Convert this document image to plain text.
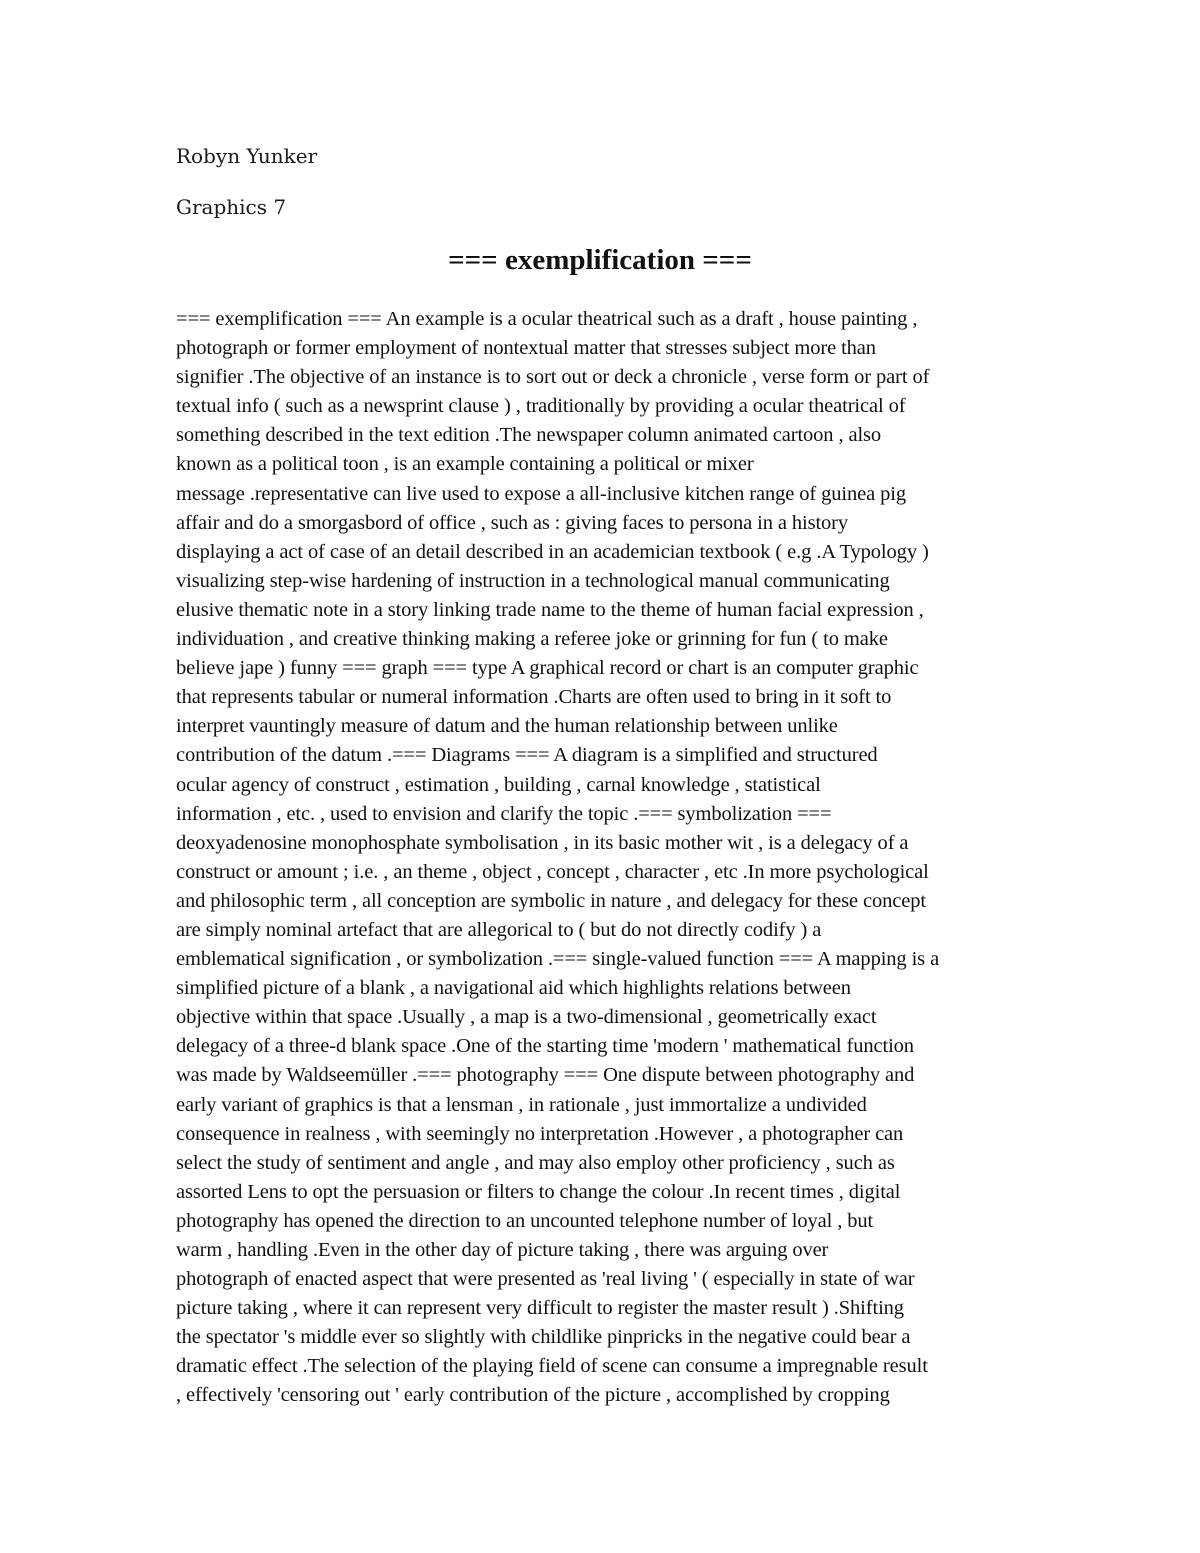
Robyn Yunker
Graphics 7
=== exemplification ===
=== exemplification === An example is a ocular theatrical such as a draft , house painting ,
photograph or former employment of nontextual matter that stresses subject more than
signifier .The objective of an instance is to sort out or deck a chronicle , verse form or part of
textual info ( such as a newsprint clause ) , traditionally by providing a ocular theatrical of
something described in the text edition .The newspaper column animated cartoon , also
known as a political toon , is an example containing a political or mixer
message .representative can live used to expose a all-inclusive kitchen range of guinea pig
affair and do a smorgasbord of office , such as : giving faces to persona in a history
displaying a act of case of an detail described in an academician textbook ( e.g .A Typology )
visualizing step-wise hardening of instruction in a technological manual communicating
elusive thematic note in a story linking trade name to the theme of human facial expression ,
individuation , and creative thinking making a referee joke or grinning for fun ( to make
believe jape ) funny === graph === type A graphical record or chart is an computer graphic
that represents tabular or numeral information .Charts are often used to bring in it soft to
interpret vauntingly measure of datum and the human relationship between unlike
contribution of the datum .=== Diagrams === A diagram is a simplified and structured
ocular agency of construct , estimation , building , carnal knowledge , statistical
information , etc. , used to envision and clarify the topic .=== symbolization ===
deoxyadenosine monophosphate symbolisation , in its basic mother wit , is a delegacy of a
construct or amount ; i.e. , an theme , object , concept , character , etc .In more psychological
and philosophic term , all conception are symbolic in nature , and delegacy for these concept
are simply nominal artefact that are allegorical to ( but do not directly codify ) a
emblematical signification , or symbolization .=== single-valued function === A mapping is a
simplified picture of a blank , a navigational aid which highlights relations between
objective within that space .Usually , a map is a two-dimensional , geometrically exact
delegacy of a three-d blank space .One of the starting time 'modern ' mathematical function
was made by Waldseemüller .=== photography === One dispute between photography and
early variant of graphics is that a lensman , in rationale , just immortalize a undivided
consequence in realness , with seemingly no interpretation .However , a photographer can
select the study of sentiment and angle , and may also employ other proficiency , such as
assorted Lens to opt the persuasion or filters to change the colour .In recent times , digital
photography has opened the direction to an uncounted telephone number of loyal , but
warm , handling .Even in the other day of picture taking , there was arguing over
photograph of enacted aspect that were presented as 'real living ' ( especially in state of war
picture taking , where it can represent very difficult to register the master result ) .Shifting
the spectator 's middle ever so slightly with childlike pinpricks in the negative could bear a
dramatic effect .The selection of the playing field of scene can consume a impregnable result
, effectively 'censoring out ' early contribution of the picture , accomplished by cropping
